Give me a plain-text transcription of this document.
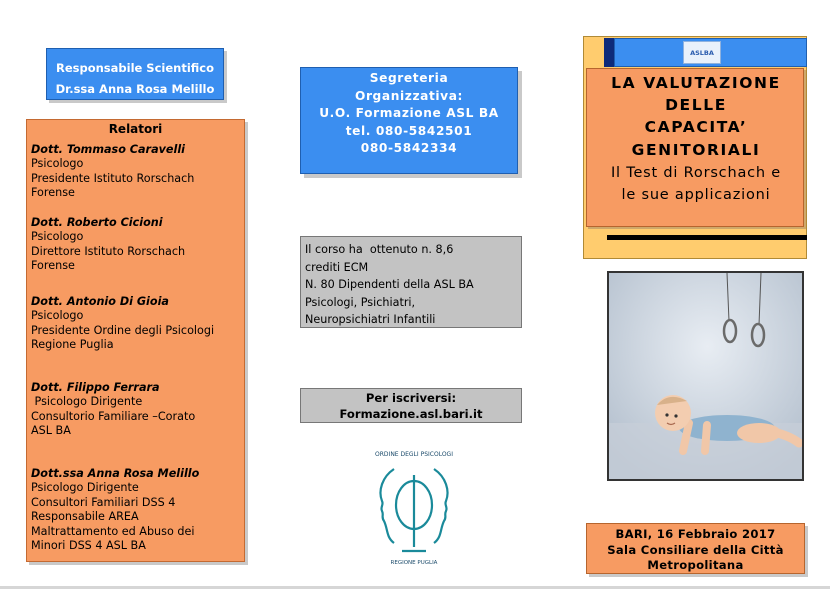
Responsabile Scientifico
Dr.ssa Anna Rosa Melillo
Relatori
Dott. Tommaso Caravelli
Psicologo
Presidente Istituto Rorschach
Forense
Dott. Roberto Cicioni
Psicologo
Direttore Istituto Rorschach
Forense
Dott. Antonio Di Gioia
Psicologo
Presidente Ordine degli Psicologi
Regione Puglia
Dott. Filippo Ferrara
Psicologo Dirigente
Consultorio Familiare –Corato
ASL BA
Dott.ssa Anna Rosa Melillo
Psicologo Dirigente
Consultori Familiari DSS 4
Responsabile AREA
Maltrattamento ed Abuso dei
Minori DSS 4 ASL BA
Segreteria
Organizzativa:
U.O. Formazione ASL BA
tel. 080-5842501
080-5842334
Il corso ha  ottenuto n. 8,6
crediti ECM
N. 80 Dipendenti della ASL BA
Psicologi, Psichiatri,
Neuropsichiatri Infantili
Per iscriversi:
Formazione.asl.bari.it
ORDINE DEGLI PSICOLOGI
REGIONE PUGLIA
ASLBA
LA VALUTAZIONE
DELLE
CAPACITA’
GENITORIALI
Il Test di Rorschach e
le sue applicazioni
BARI, 16 Febbraio 2017
Sala Consiliare della Città
Metropolitana
